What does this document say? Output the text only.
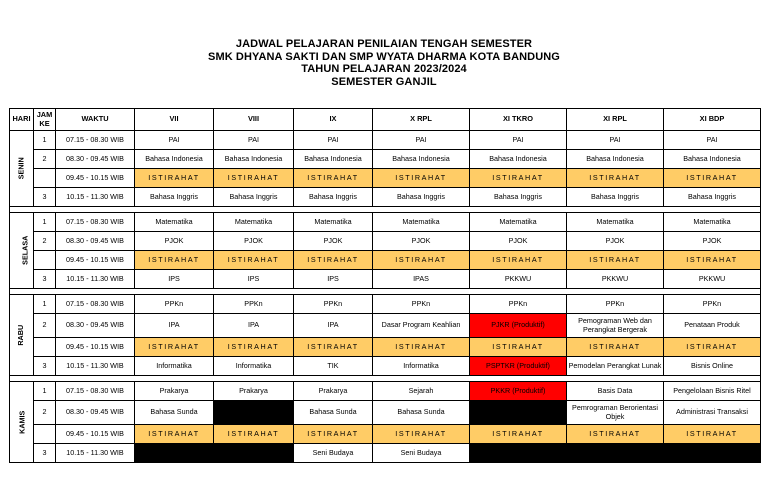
JADWAL PELAJARAN PENILAIAN TENGAH SEMESTER
SMK DHYANA SAKTI DAN SMP WYATA DHARMA KOTA BANDUNG
TAHUN PELAJARAN 2023/2024
SEMESTER GANJIL
HARI	JAM KE	WAKTU	VII	VIII	IX	X RPL	XI TKRO	XI RPL	XI BDP
SENIN	1	07.15 - 08.30 WIB	PAI	PAI	PAI	PAI	PAI	PAI	PAI
	2	08.30 - 09.45 WIB	Bahasa Indonesia	Bahasa Indonesia	Bahasa Indonesia	Bahasa Indonesia	Bahasa Indonesia	Bahasa Indonesia	Bahasa Indonesia
		09.45 - 10.15 WIB	ISTIRAHAT	ISTIRAHAT	ISTIRAHAT	ISTIRAHAT	ISTIRAHAT	ISTIRAHAT	ISTIRAHAT
	3	10.15 - 11.30 WIB	Bahasa Inggris	Bahasa Inggris	Bahasa Inggris	Bahasa Inggris	Bahasa Inggris	Bahasa Inggris	Bahasa Inggris

SELASA	1	07.15 - 08.30 WIB	Matematika	Matematika	Matematika	Matematika	Matematika	Matematika	Matematika
	2	08.30 - 09.45 WIB	PJOK	PJOK	PJOK	PJOK	PJOK	PJOK	PJOK
		09.45 - 10.15 WIB	ISTIRAHAT	ISTIRAHAT	ISTIRAHAT	ISTIRAHAT	ISTIRAHAT	ISTIRAHAT	ISTIRAHAT
	3	10.15 - 11.30 WIB	IPS	IPS	IPS	IPAS	PKKWU	PKKWU	PKKWU

RABU	1	07.15 - 08.30 WIB	PPKn	PPKn	PPKn	PPKn	PPKn	PPKn	PPKn
	2	08.30 - 09.45 WIB	IPA	IPA	IPA	Dasar Program Keahlian	PJKR (Produktif)	Pemograman Web dan Perangkat Bergerak	Penataan Produk
		09.45 - 10.15 WIB	ISTIRAHAT	ISTIRAHAT	ISTIRAHAT	ISTIRAHAT	ISTIRAHAT	ISTIRAHAT	ISTIRAHAT
	3	10.15 - 11.30 WIB	Informatika	Informatika	TIK	Informatika	PSPTKR (Produktif)	Pemodelan Perangkat Lunak	Bisnis Online

KAMIS	1	07.15 - 08.30 WIB	Prakarya	Prakarya	Prakarya	Sejarah	PKKR (Produktif)	Basis Data	Pengelolaan Bisnis Ritel
	2	08.30 - 09.45 WIB	Bahasa Sunda		Bahasa Sunda	Bahasa Sunda		Pemrograman Berorientasi Objek	Administrasi Transaksi
		09.45 - 10.15 WIB	ISTIRAHAT	ISTIRAHAT	ISTIRAHAT	ISTIRAHAT	ISTIRAHAT	ISTIRAHAT	ISTIRAHAT
	3	10.15 - 11.30 WIB			Seni Budaya	Seni Budaya			
